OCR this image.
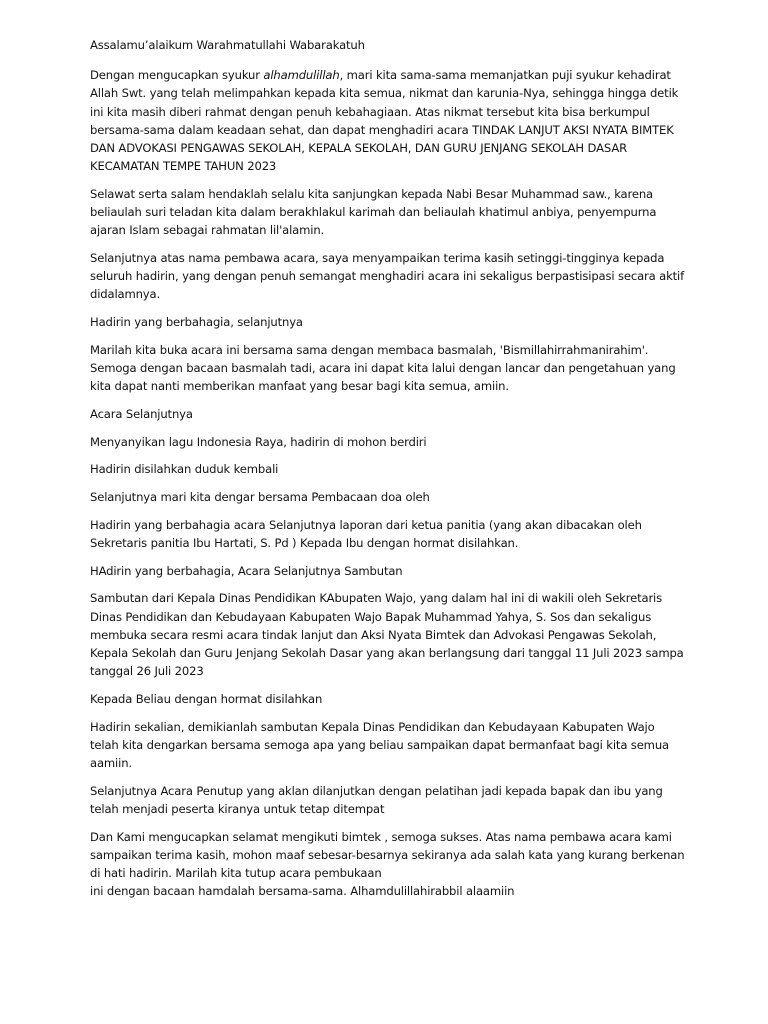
Assalamu’alaikum Warahmatullahi Wabarakatuh
Dengan mengucapkan syukur alhamdulillah, mari kita sama-sama memanjatkan puji syukur kehadirat
Allah Swt. yang telah melimpahkan kepada kita semua, nikmat dan karunia-Nya, sehingga hingga detik
ini kita masih diberi rahmat dengan penuh kebahagiaan. Atas nikmat tersebut kita bisa berkumpul
bersama-sama dalam keadaan sehat, dan dapat menghadiri acara TINDAK LANJUT AKSI NYATA BIMTEK
DAN ADVOKASI PENGAWAS SEKOLAH, KEPALA SEKOLAH, DAN GURU JENJANG SEKOLAH DASAR
KECAMATAN TEMPE TAHUN 2023
Selawat serta salam hendaklah selalu kita sanjungkan kepada Nabi Besar Muhammad saw., karena
beliaulah suri teladan kita dalam berakhlakul karimah dan beliaulah khatimul anbiya, penyempurna
ajaran Islam sebagai rahmatan lil'alamin.
Selanjutnya atas nama pembawa acara, saya menyampaikan terima kasih setinggi-tingginya kepada
seluruh hadirin, yang dengan penuh semangat menghadiri acara ini sekaligus berpastisipasi secara aktif
didalamnya.
Hadirin yang berbahagia, selanjutnya
Marilah kita buka acara ini bersama sama dengan membaca basmalah, 'Bismillahirrahmanirahim'.
Semoga dengan bacaan basmalah tadi, acara ini dapat kita lalui dengan lancar dan pengetahuan yang
kita dapat nanti memberikan manfaat yang besar bagi kita semua, amiin.
Acara Selanjutnya
Menyanyikan lagu Indonesia Raya, hadirin di mohon berdiri
Hadirin disilahkan duduk kembali
Selanjutnya mari kita dengar bersama Pembacaan doa oleh
Hadirin yang berbahagia acara Selanjutnya laporan dari ketua panitia (yang akan dibacakan oleh
Sekretaris panitia Ibu Hartati, S. Pd ) Kepada Ibu dengan hormat disilahkan.
HAdirin yang berbahagia, Acara Selanjutnya Sambutan
Sambutan dari Kepala Dinas Pendidikan KAbupaten Wajo, yang dalam hal ini di wakili oleh Sekretaris
Dinas Pendidikan dan Kebudayaan Kabupaten Wajo Bapak Muhammad Yahya, S. Sos dan sekaligus
membuka secara resmi acara tindak lanjut dan Aksi Nyata Bimtek dan Advokasi Pengawas Sekolah,
Kepala Sekolah dan Guru Jenjang Sekolah Dasar yang akan berlangsung dari tanggal 11 Juli 2023 sampa
tanggal 26 Juli 2023
Kepada Beliau dengan hormat disilahkan
Hadirin sekalian, demikianlah sambutan Kepala Dinas Pendidikan dan Kebudayaan Kabupaten Wajo
telah kita dengarkan bersama semoga apa yang beliau sampaikan dapat bermanfaat bagi kita semua
aamiin.
Selanjutnya Acara Penutup yang aklan dilanjutkan dengan pelatihan jadi kepada bapak dan ibu yang
telah menjadi peserta kiranya untuk tetap ditempat
Dan Kami mengucapkan selamat mengikuti bimtek , semoga sukses. Atas nama pembawa acara kami
sampaikan terima kasih, mohon maaf sebesar-besarnya sekiranya ada salah kata yang kurang berkenan
di hati hadirin. Marilah kita tutup acara pembukaan
ini dengan bacaan hamdalah bersama-sama. Alhamdulillahirabbil alaamiin
